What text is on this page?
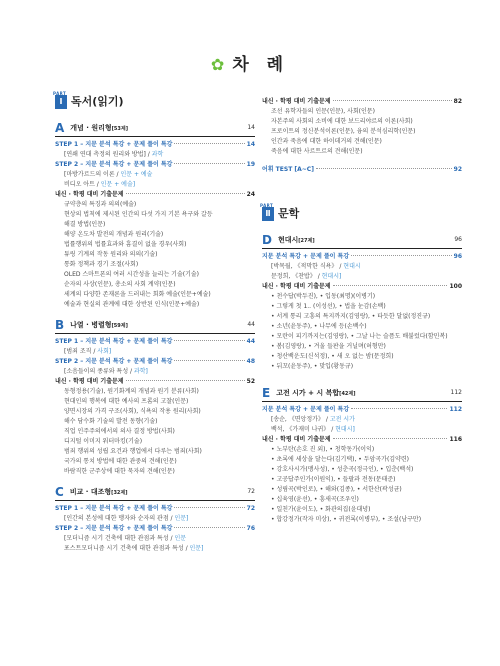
✿ 차 례
PART
Ⅰ 독서(읽기)
A 개념 · 원리형[53제]	14
STEP 1 – 지문 분석 특강 + 문제 풀이 특강	14
[연쇄 연대 측정의 원리와 방법] / 과학
STEP 2 – 지문 분석 특강 + 문제 풀이 특강	19
[마방가르드의 이론 / 인문 + 예술
비디오 아트 / 인문 + 예술]
내신 · 학평 대비 기출문제	24
규약층의 특징과 의의(예술)
현상의 법칙에 제시된 인간의 다섯 가지 기본 욕구와 갈등
해결 방법(인문)
해양 온도차 발전의 개념과 원리(기술)
법률행위의 법률효과와 흠결이 없을 경우(사회)
튜링 기계의 작동 원리와 의의(기술)
통화 정책과 경기 조절(사회)
OLED 스마트폰의 여러 시간성을 늘리는 기술(기술)
순자의 사상(인문), 총소의 사회 계약(인문)
세계의 다양한 존재론을 드러내는 회화 예술(인문+예술)
예술과 현실의 관계에 대한 상반된 인식(인문+예술)
B 나열 · 병렬형[59제]	44
STEP 1 – 지문 분석 특강 + 문제 풀이 특강	44
[범죄 조직 / 사회]
STEP 2 – 지문 분석 특강 + 문제 풀이 특강	48
[소음들이의 종류와 특성 / 과학]
내신 · 학평 대비 기출문제	52
동형정용(기술), 원기화계의 개념과 원기 분류(사회)
현대인의 행복에 대한 예사의 프롬의 고찰(인문)
양면시장의 가격 구조(사회), 식욕의 작용 원리(사회)
해수 담수화 기술의 발전 동향(기술)
직업 인주주의에서의 의사 결정 방법(사회)
디지털 이미지 워터마킹(기술)
범죄 행위의 성립 요건과 행업에서 다루는 범죄(사회)
국가의 통치 방법에 대한 관중의 견해(인문)
바람직한 군주상에 대한 묵자의 견해(인문)
C 비교 · 대조형[32제]	72
STEP 1 – 지문 분석 특강 + 문제 풀이 특강	72
[인간의 본성에 대한 맹자와 순자의 관점 / 인문]
STEP 2 – 지문 분석 특강 + 문제 풀이 특강	76
[모더니즘 시기 건축에 대한 관점과 특성 / 인문
포스트모더니즘 시기 건축에 대한 관점과 특성 / 인문]
내신 · 학평 대비 기출문제	82
조선 유학자들의 인문(인문), 사회(인문)
자본주의 사회의 소비에 대한 보드리야르의 이론(사회)
프로이트의 정신분석이론(인문), 융의 분석심리학(인문)
인간과 죽음에 대한 하이데거의 견해(인문)
죽음에 대한 사르트르의 견해(인문)
어휘 TEST [A~C]	92
PART
Ⅱ 문학
D 현대시[27제]	96
지문 분석 특강 + 문제 풀이 특강	96
[박목월, 《적막한 식욕》 / 현대시
문정희, 《찬밥》 / 현대시]
내신 · 학평 대비 기출문제	100
• 천수답(박두진), • 입동(최명)(이병기)
• 그렇게 첫 1.. (이성선), • 법을 눈감(손백)
• 서계 통리 고흥의 특지까지(김영랑), • 타듯한 달없(정진규)
• 소년(윤동주), • 나무에 등(손백수)
• 모란이 피기까지는(김영랑), • 그날 나는 슬픔도 배불렀다(함민복)
• 봄(김영랑), • 겨울 들판을 거닐며(허형만)
• 청산백운도(신석정), • 새 오 없는 밤(문정희)
• 뒤꼬(윤동주), • 맞입(황동규)
E 고전 시가 + 시 복합[42제]	112
지문 분석 특강 + 문제 풀이 특강	112
[송순, 《면앙정가》 / 고전 시가
백석, 《가재미 나귀》 / 현대시]
내신 · 학평 대비 기출문제	116
• 노부탄(손호 진 외), • 청학동가(이익)
• 초록에 세상을 달는다(김기택), • 두암곡가(김약련)
• 강호사시가(맹사성), • 성춘곡(정극인), • 입춘(백석)
• 고공답주인가(이원익), • 들팔과 전동(문태준)
• 성림곡(박인로), • 해와(김종), • 서한산(곽성균)
• 십육영(윤선), • 흥새곡(조우인)
• 일친가(윤이도), • 화관의집(윤대녕)
• 합강정가(작자 미상), • 귀전록(이병부), • 조설(남구만)
